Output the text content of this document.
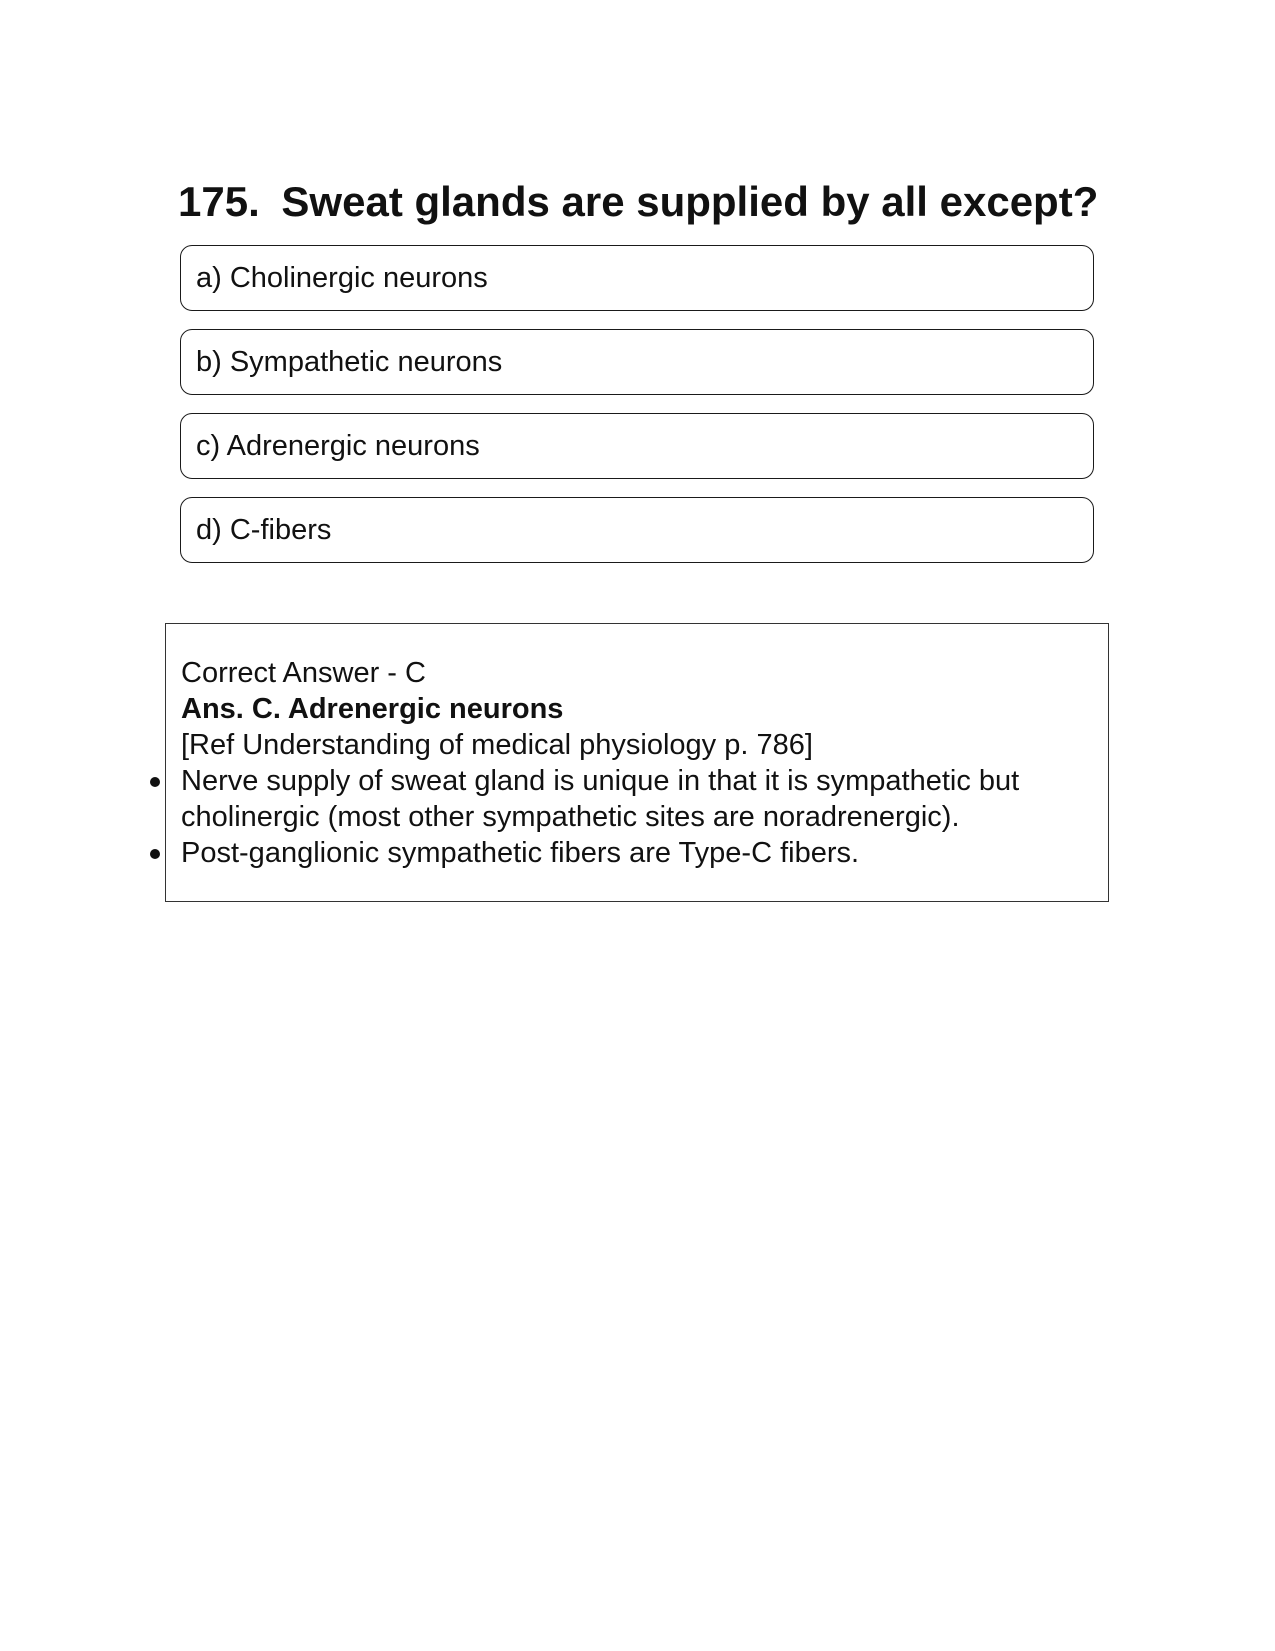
175. Sweat glands are supplied by all except?
a) Cholinergic neurons
b) Sympathetic neurons
c) Adrenergic neurons
d) C-fibers
Correct Answer - C
Ans. C. Adrenergic neurons
[Ref Understanding of medical physiology p. 786]
Nerve supply of sweat gland is unique in that it is sympathetic but cholinergic (most other sympathetic sites are noradrenergic).
Post-ganglionic sympathetic fibers are Type-C fibers.
